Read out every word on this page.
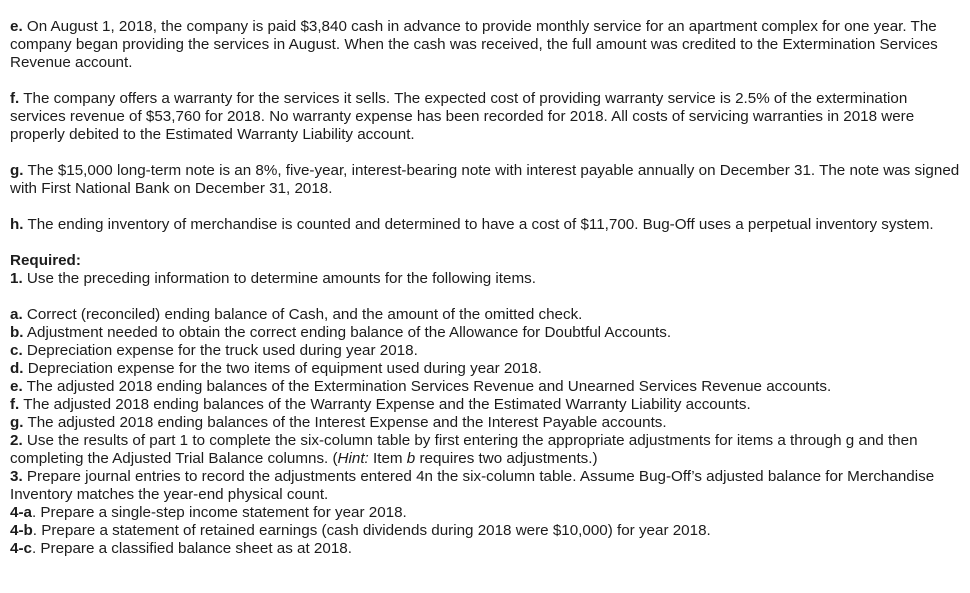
e. On August 1, 2018, the company is paid $3,840 cash in advance to provide monthly service for an apartment complex for one year. The company began providing the services in August. When the cash was received, the full amount was credited to the Extermination Services Revenue account.
f. The company offers a warranty for the services it sells. The expected cost of providing warranty service is 2.5% of the extermination services revenue of $53,760 for 2018. No warranty expense has been recorded for 2018. All costs of servicing warranties in 2018 were properly debited to the Estimated Warranty Liability account.
g. The $15,000 long-term note is an 8%, five-year, interest-bearing note with interest payable annually on December 31. The note was signed with First National Bank on December 31, 2018.
h. The ending inventory of merchandise is counted and determined to have a cost of $11,700. Bug-Off uses a perpetual inventory system.
Required:
1. Use the preceding information to determine amounts for the following items.
a. Correct (reconciled) ending balance of Cash, and the amount of the omitted check.
b. Adjustment needed to obtain the correct ending balance of the Allowance for Doubtful Accounts.
c. Depreciation expense for the truck used during year 2018.
d. Depreciation expense for the two items of equipment used during year 2018.
e. The adjusted 2018 ending balances of the Extermination Services Revenue and Unearned Services Revenue accounts.
f. The adjusted 2018 ending balances of the Warranty Expense and the Estimated Warranty Liability accounts.
g. The adjusted 2018 ending balances of the Interest Expense and the Interest Payable accounts.
2. Use the results of part 1 to complete the six-column table by first entering the appropriate adjustments for items a through g and then completing the Adjusted Trial Balance columns. (Hint: Item b requires two adjustments.)
3. Prepare journal entries to record the adjustments entered 4n the six-column table. Assume Bug-Off’s adjusted balance for Merchandise Inventory matches the year-end physical count.
4-a. Prepare a single-step income statement for year 2018.
4-b. Prepare a statement of retained earnings (cash dividends during 2018 were $10,000) for year 2018.
4-c. Prepare a classified balance sheet as at 2018.
